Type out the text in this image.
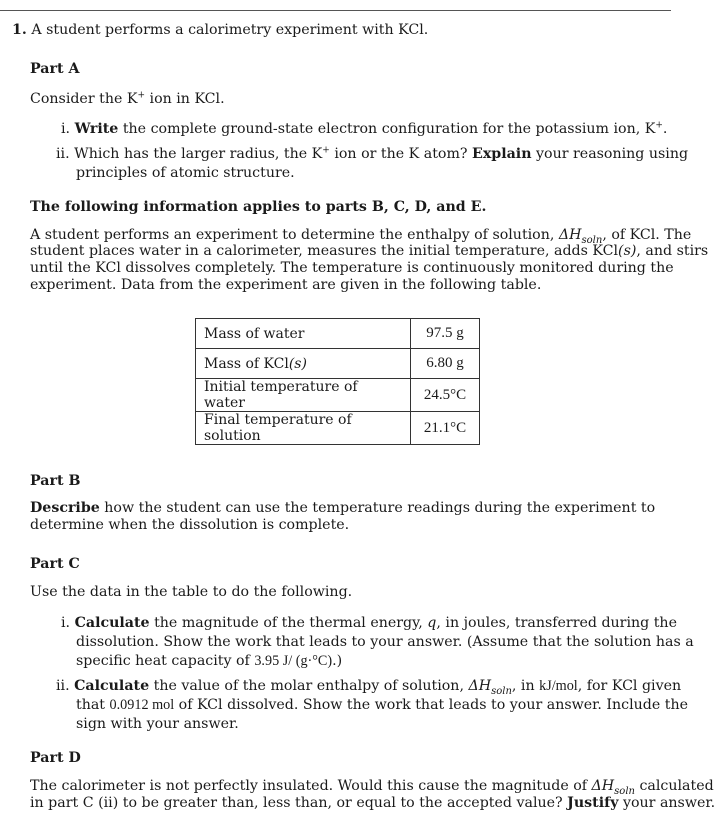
1. A student performs a calorimetry experiment with KCl.
Part A
Consider the K+ ion in KCl.
i. Write the complete ground-state electron configuration for the potassium ion, K+.
ii. Which has the larger radius, the K+ ion or the K atom? Explain your reasoning using
principles of atomic structure.
The following information applies to parts B, C, D, and E.
A student performs an experiment to determine the enthalpy of solution, $\Delta H_{soln}$, of KCl. The
student places water in a calorimeter, measures the initial temperature, adds KCl(s), and stirs
until the KCl dissolves completely. The temperature is continuously monitored during the
experiment. Data from the experiment are given in the following table.
Mass of water	97.5 g
Mass of KCl(s)	6.80 g
Initial temperature of water	24.5°C
Final temperature of solution	21.1°C
Part B
Describe how the student can use the temperature readings during the experiment to
determine when the dissolution is complete.
Part C
Use the data in the table to do the following.
i. Calculate the magnitude of the thermal energy, q, in joules, transferred during the
dissolution. Show the work that leads to your answer. (Assume that the solution has a
specific heat capacity of 3.95 J/ (g·°C).)
ii. Calculate the value of the molar enthalpy of solution, $\Delta H_{soln}$, in kJ/mol, for KCl given
that 0.0912 mol of KCl dissolved. Show the work that leads to your answer. Include the
sign with your answer.
Part D
The calorimeter is not perfectly insulated. Would this cause the magnitude of $\Delta H_{soln}$ calculated
in part C (ii) to be greater than, less than, or equal to the accepted value? Justify your answer.
